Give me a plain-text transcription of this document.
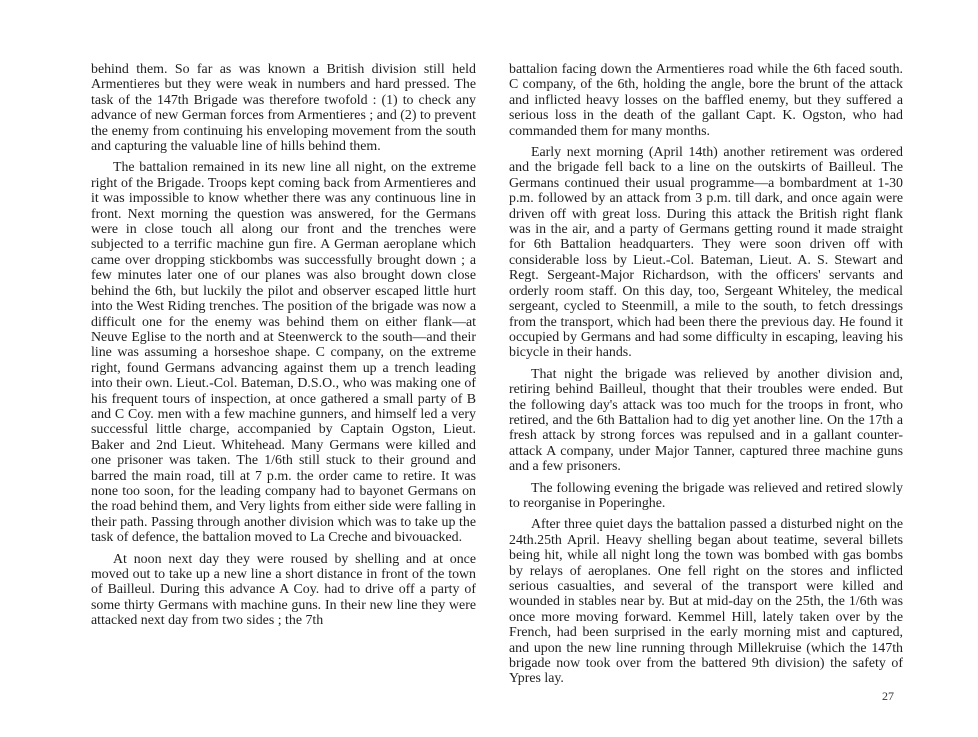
behind them. So far as was known a British division still held Armentieres but they were weak in numbers and hard pressed. The task of the 147th Brigade was therefore twofold : (1) to check any advance of new German forces from Armentieres ; and (2) to prevent the enemy from continuing his enveloping movement from the south and capturing the valuable line of hills behind them.

The battalion remained in its new line all night, on the extreme right of the Brigade. Troops kept coming back from Armentieres and it was impossible to know whether there was any continuous line in front. Next morning the question was answered, for the Germans were in close touch all along our front and the trenches were subjected to a terrific machine gun fire. A German aeroplane which came over dropping stickbombs was successfully brought down ; a few minutes later one of our planes was also brought down close behind the 6th, but luckily the pilot and observer escaped little hurt into the West Riding trenches. The position of the brigade was now a difficult one for the enemy was behind them on either flank—at Neuve Eglise to the north and at Steenwerck to the south—and their line was assuming a horseshoe shape. C company, on the extreme right, found Germans advancing against them up a trench leading into their own. Lieut.-Col. Bateman, D.S.O., who was making one of his frequent tours of inspection, at once gathered a small party of B and C Coy. men with a few machine gunners, and himself led a very successful little charge, accompanied by Captain Ogston, Lieut. Baker and 2nd Lieut. Whitehead. Many Germans were killed and one prisoner was taken. The 1/6th still stuck to their ground and barred the main road, till at 7 p.m. the order came to retire. It was none too soon, for the leading company had to bayonet Germans on the road behind them, and Very lights from either side were falling in their path. Passing through another division which was to take up the task of defence, the battalion moved to La Creche and bivouacked.

At noon next day they were roused by shelling and at once moved out to take up a new line a short distance in front of the town of Bailleul. During this advance A Coy. had to drive off a party of some thirty Germans with machine guns. In their new line they were attacked next day from two sides ; the 7th

battalion facing down the Armentieres road while the 6th faced south. C company, of the 6th, holding the angle, bore the brunt of the attack and inflicted heavy losses on the baffled enemy, but they suffered a serious loss in the death of the gallant Capt. K. Ogston, who had commanded them for many months.

Early next morning (April 14th) another retirement was ordered and the brigade fell back to a line on the outskirts of Bailleul. The Germans continued their usual programme—a bombardment at 1-30 p.m. followed by an attack from 3 p.m. till dark, and once again were driven off with great loss. During this attack the British right flank was in the air, and a party of Germans getting round it made straight for 6th Battalion headquarters. They were soon driven off with considerable loss by Lieut.-Col. Bateman, Lieut. A. S. Stewart and Regt. Sergeant-Major Richardson, with the officers' servants and orderly room staff. On this day, too, Sergeant Whiteley, the medical sergeant, cycled to Steenmill, a mile to the south, to fetch dressings from the transport, which had been there the previous day. He found it occupied by Germans and had some difficulty in escaping, leaving his bicycle in their hands.

That night the brigade was relieved by another division and, retiring behind Bailleul, thought that their troubles were ended. But the following day's attack was too much for the troops in front, who retired, and the 6th Battalion had to dig yet another line. On the 17th a fresh attack by strong forces was repulsed and in a gallant counter-attack A company, under Major Tanner, captured three machine guns and a few prisoners.

The following evening the brigade was relieved and retired slowly to reorganise in Poperinghe.

After three quiet days the battalion passed a disturbed night on the 24th.25th April. Heavy shelling began about teatime, several billets being hit, while all night long the town was bombed with gas bombs by relays of aeroplanes. One fell right on the stores and inflicted serious casualties, and several of the transport were killed and wounded in stables near by. But at mid-day on the 25th, the 1/6th was once more moving forward. Kemmel Hill, lately taken over by the French, had been surprised in the early morning mist and captured, and upon the new line running through Millekruise (which the 147th brigade now took over from the battered 9th division) the safety of Ypres lay.

27
